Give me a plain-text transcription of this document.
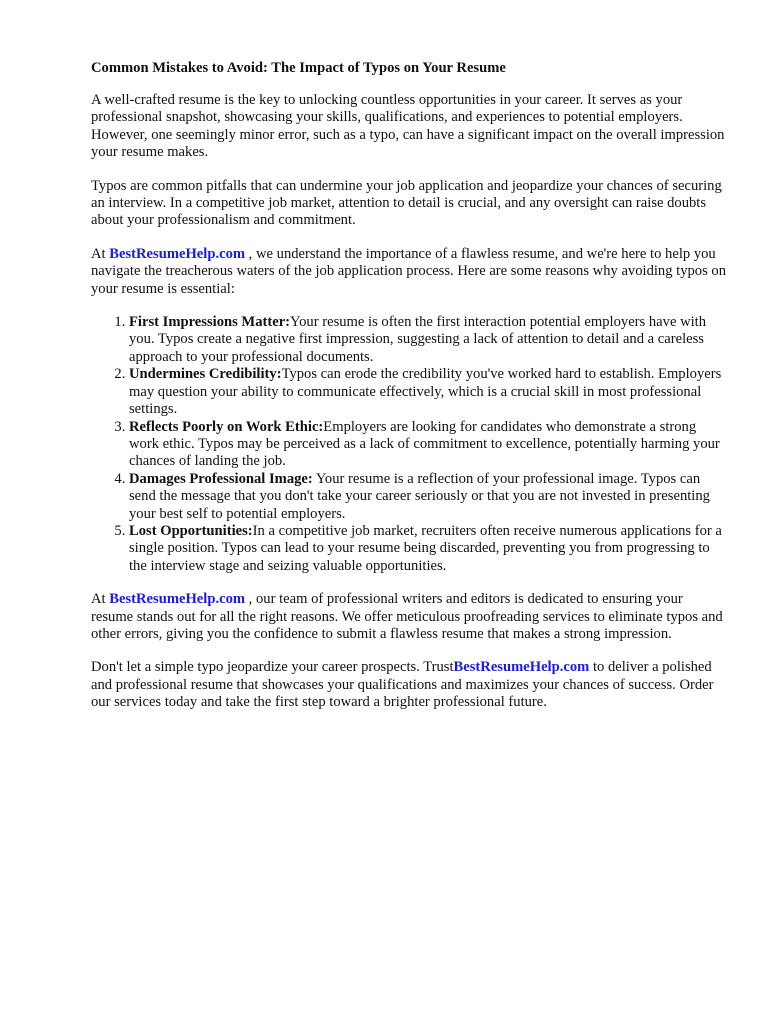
Common Mistakes to Avoid: The Impact of Typos on Your Resume

A well-crafted resume is the key to unlocking countless opportunities in your career. It serves as your professional snapshot, showcasing your skills, qualifications, and experiences to potential employers. However, one seemingly minor error, such as a typo, can have a significant impact on the overall impression your resume makes.

Typos are common pitfalls that can undermine your job application and jeopardize your chances of securing an interview. In a competitive job market, attention to detail is crucial, and any oversight can raise doubts about your professionalism and commitment.

At BestResumeHelp.com , we understand the importance of a flawless resume, and we're here to help you navigate the treacherous waters of the job application process. Here are some reasons why avoiding typos on your resume is essential:

1. First Impressions Matter:Your resume is often the first interaction potential employers have with you. Typos create a negative first impression, suggesting a lack of attention to detail and a careless approach to your professional documents.
2. Undermines Credibility:Typos can erode the credibility you've worked hard to establish. Employers may question your ability to communicate effectively, which is a crucial skill in most professional settings.
3. Reflects Poorly on Work Ethic:Employers are looking for candidates who demonstrate a strong work ethic. Typos may be perceived as a lack of commitment to excellence, potentially harming your chances of landing the job.
4. Damages Professional Image: Your resume is a reflection of your professional image. Typos can send the message that you don't take your career seriously or that you are not invested in presenting your best self to potential employers.
5. Lost Opportunities:In a competitive job market, recruiters often receive numerous applications for a single position. Typos can lead to your resume being discarded, preventing you from progressing to the interview stage and seizing valuable opportunities.

At BestResumeHelp.com , our team of professional writers and editors is dedicated to ensuring your resume stands out for all the right reasons. We offer meticulous proofreading services to eliminate typos and other errors, giving you the confidence to submit a flawless resume that makes a strong impression.

Don't let a simple typo jeopardize your career prospects. TrustBestResumeHelp.com to deliver a polished and professional resume that showcases your qualifications and maximizes your chances of success. Order our services today and take the first step toward a brighter professional future.
